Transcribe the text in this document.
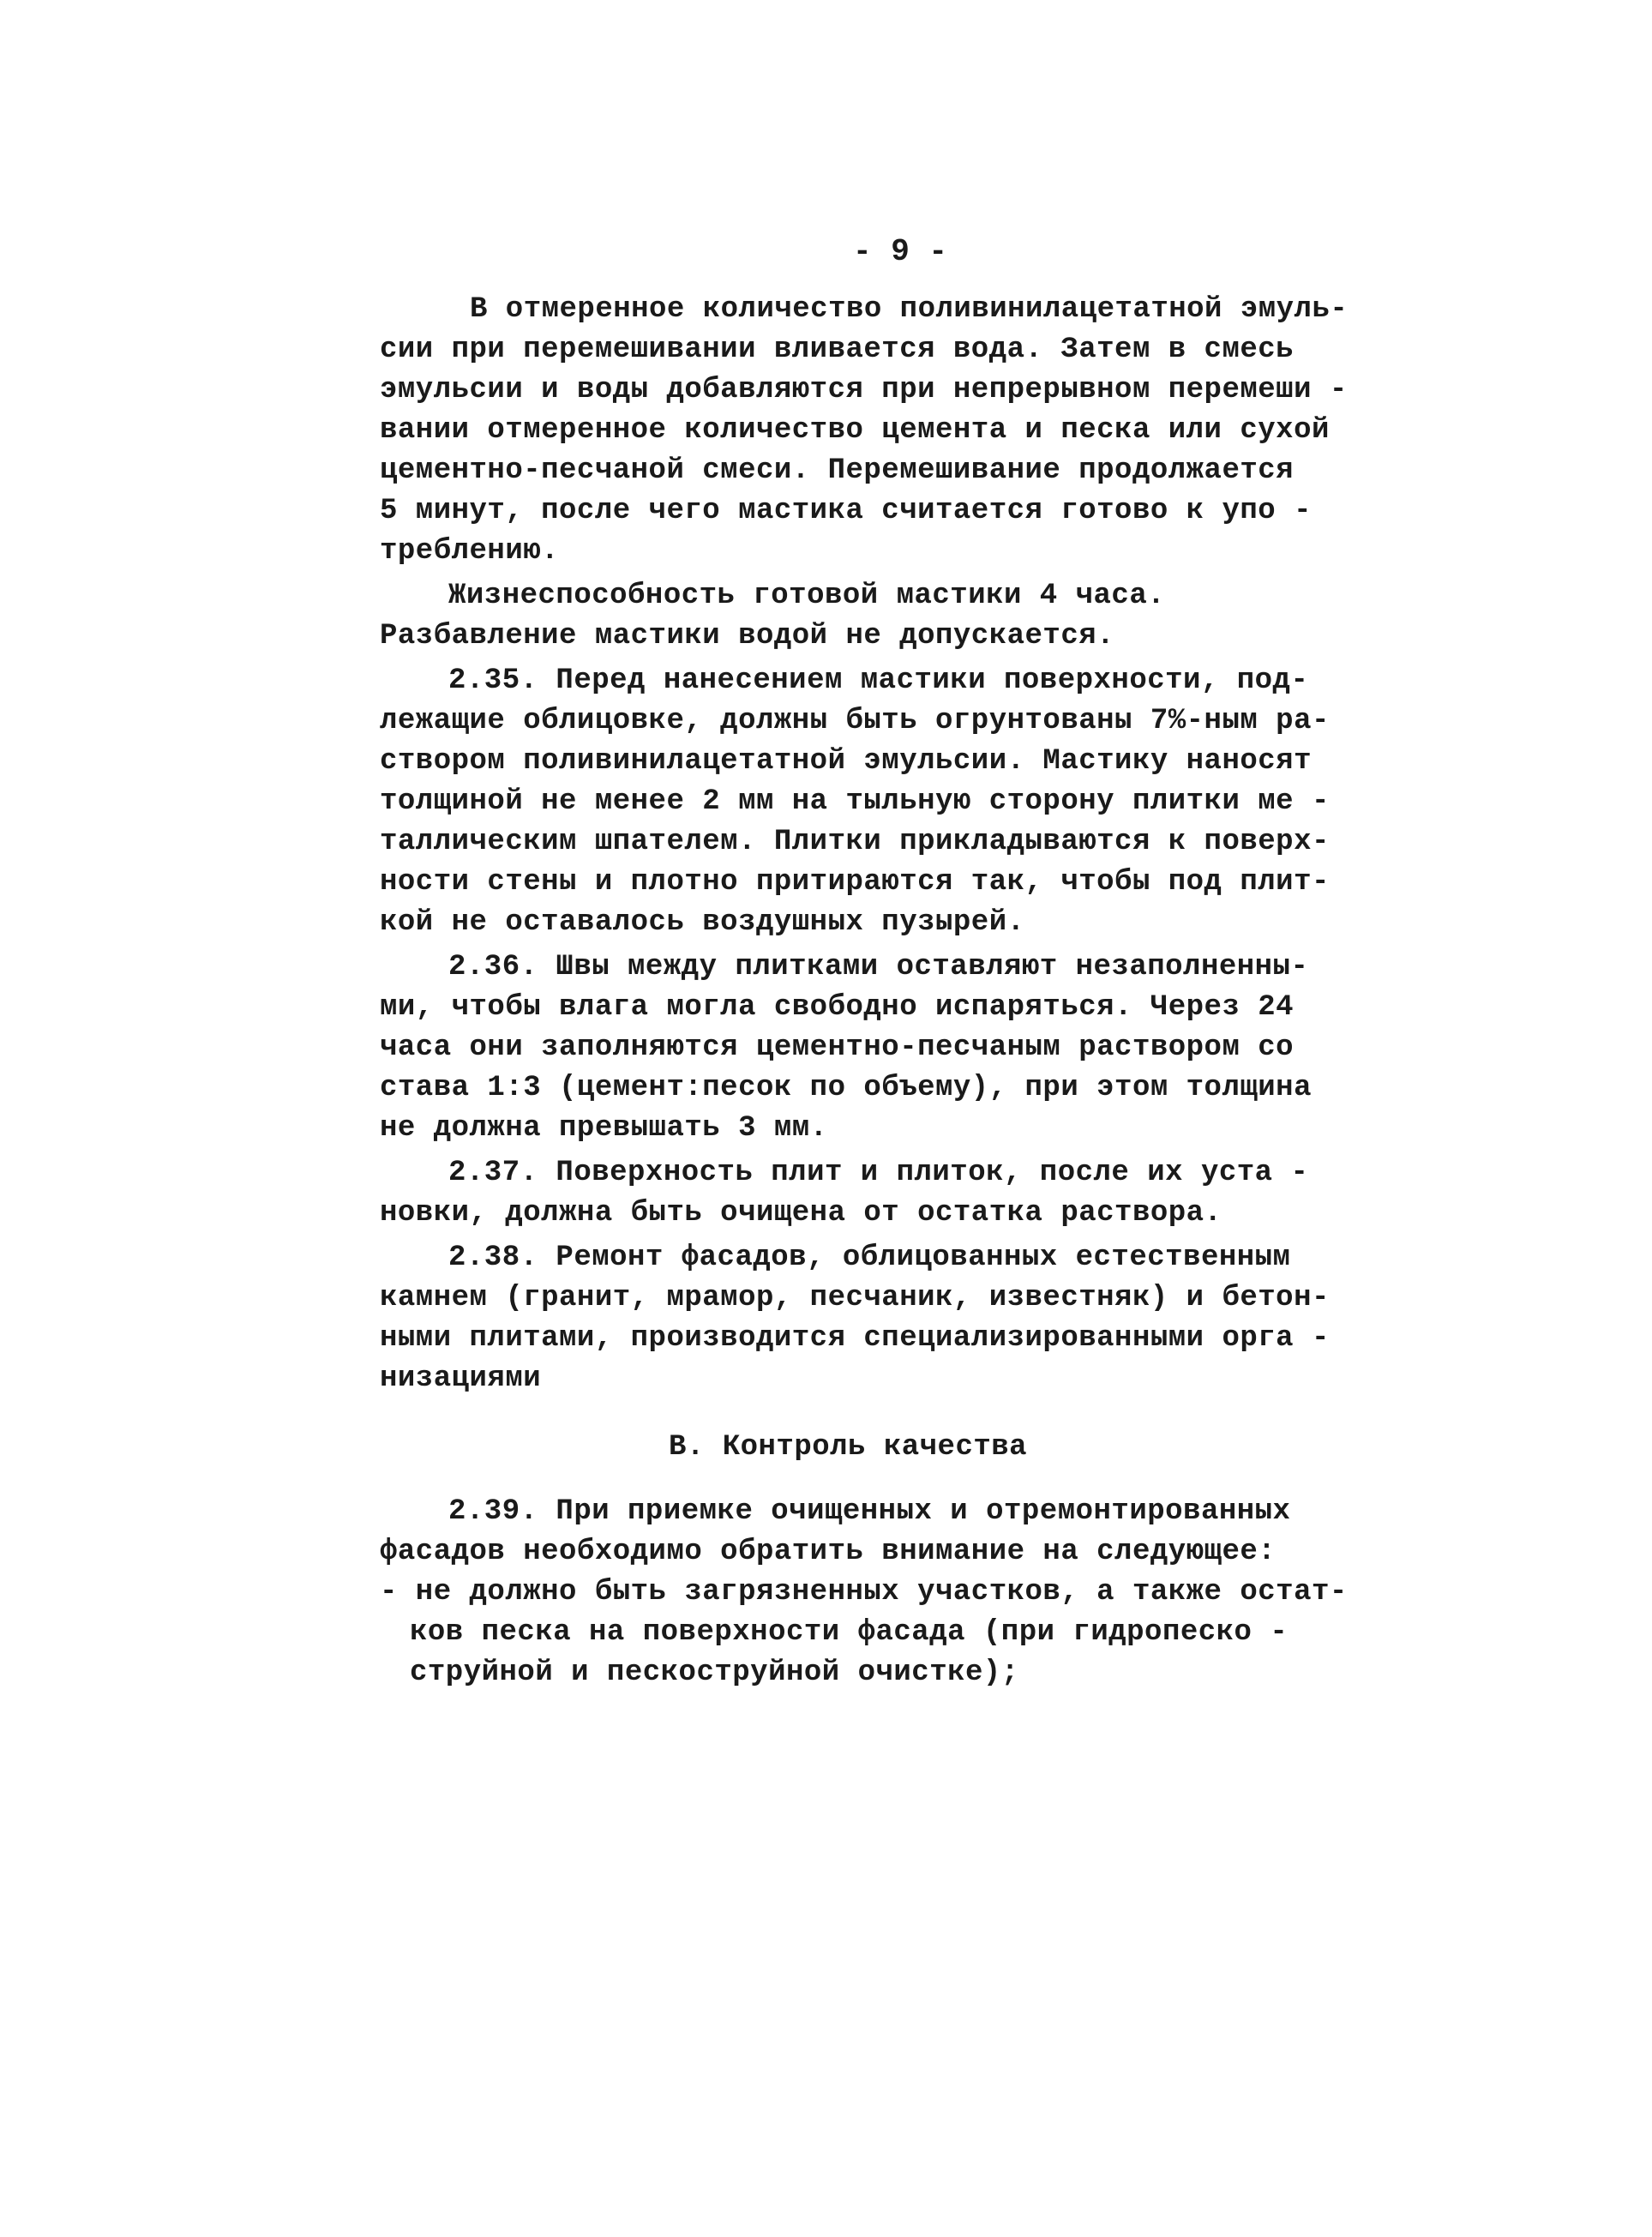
- 9 -
В отмеренное количество поливинилацетатной эмуль-
сии при перемешивании вливается вода. Затем в смесь
эмульсии и воды добавляются при непрерывном перемеши -
вании отмеренное количество цемента и песка или сухой
цементно-песчаной смеси. Перемешивание продолжается
5 минут, после чего мастика считается готово к упо -
треблению.
Жизнеспособность готовой мастики 4 часа.
Разбавление мастики водой не допускается.
2.35. Перед нанесением мастики поверхности, под-
лежащие облицовке, должны быть огрунтованы 7%-ным ра-
створом поливинилацетатной эмульсии. Мастику наносят
толщиной не менее 2 мм на тыльную сторону плитки ме -
таллическим шпателем. Плитки прикладываются к поверх-
ности стены и плотно притираются так, чтобы под плит-
кой не оставалось воздушных пузырей.
2.36. Швы между плитками оставляют незаполненны-
ми, чтобы влага могла свободно испаряться. Через 24
часа они заполняются цементно-песчаным раствором со
става 1:3 (цемент:песок по объему), при этом толщина
не должна превышать 3 мм.
2.37. Поверхность плит и плиток, после их уста -
новки, должна быть очищена от остатка раствора.
2.38. Ремонт фасадов, облицованных естественным
камнем (гранит, мрамор, песчаник, известняк) и бетон-
ными плитами, производится специализированными орга -
низациями
В. Контроль качества
2.39. При приемке очищенных и отремонтированных
фасадов необходимо обратить внимание на следующее:
- не должно быть загрязненных участков, а также остат-
ков песка на поверхности фасада (при гидропеско -
струйной и пескоструйной очистке);
